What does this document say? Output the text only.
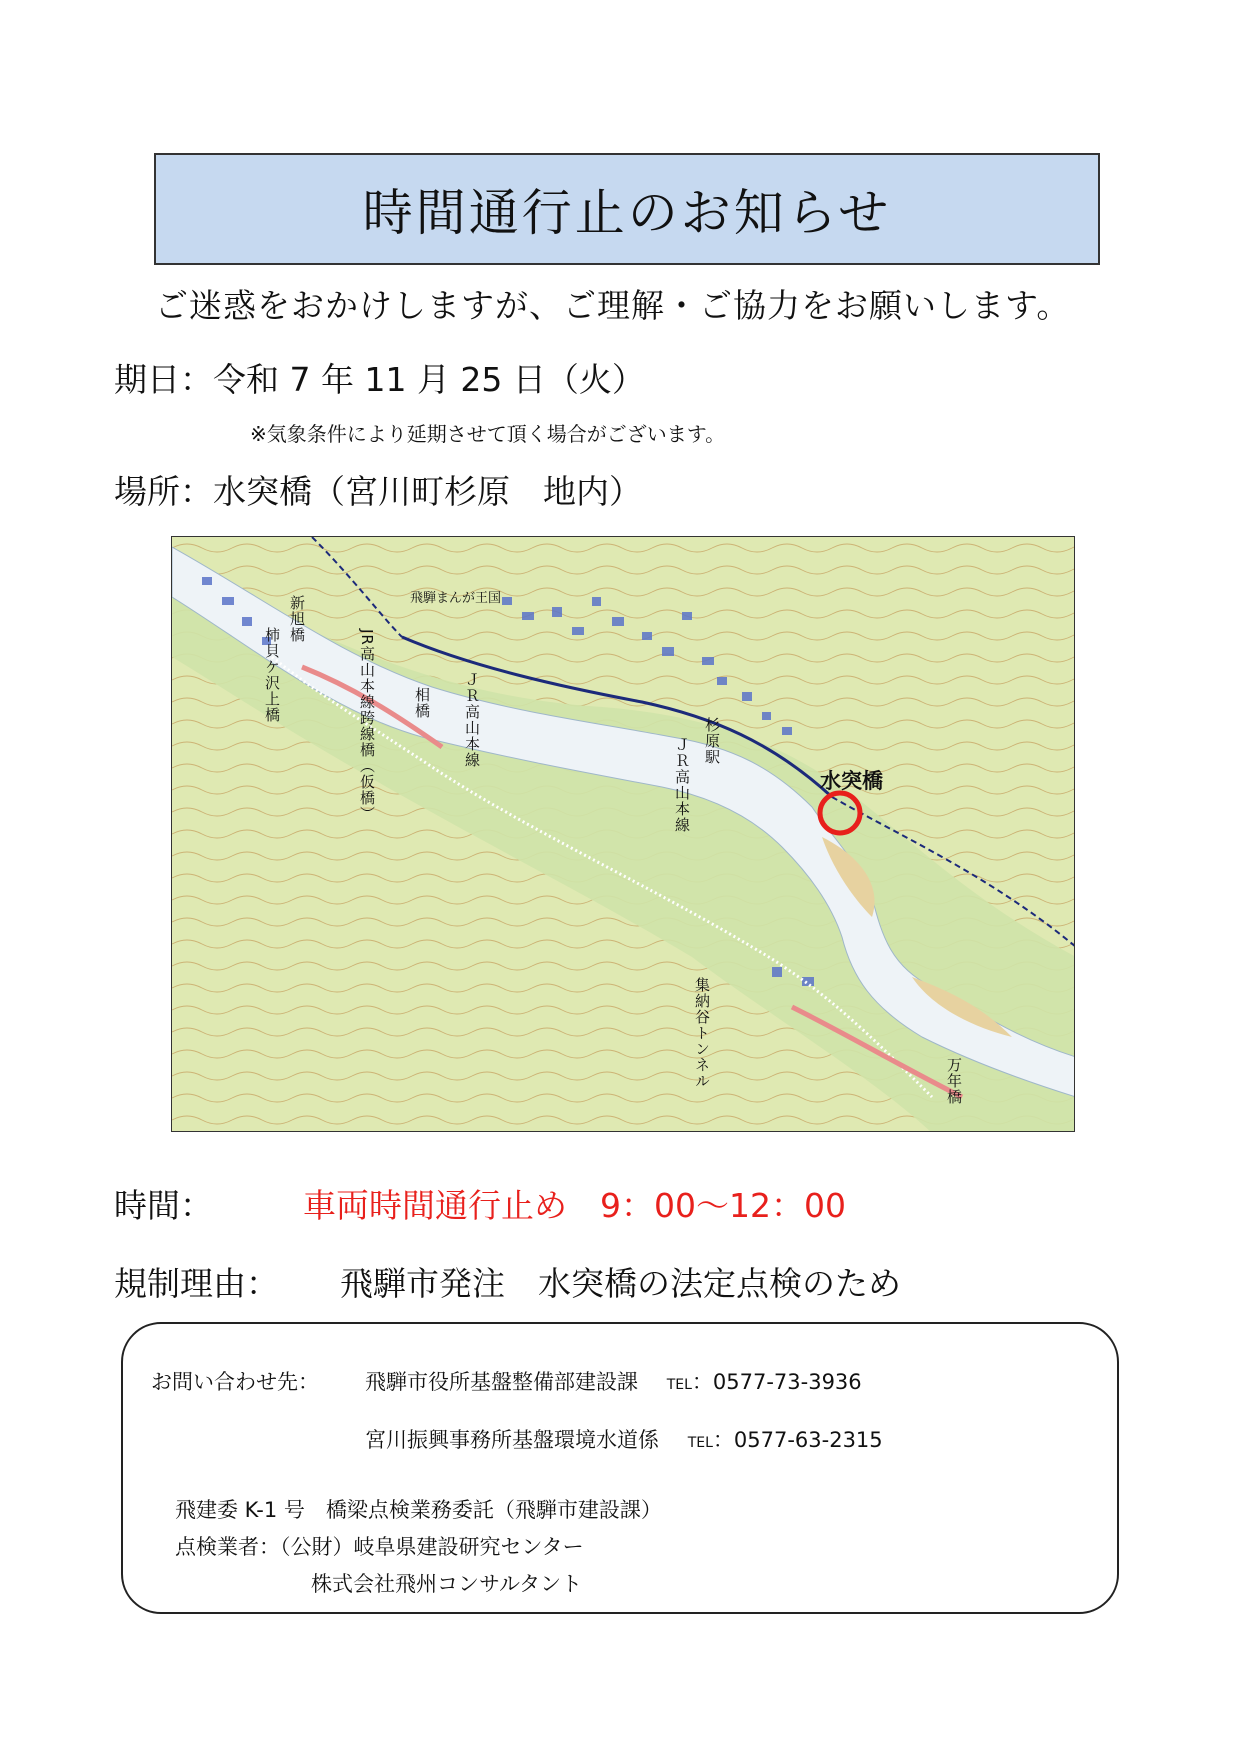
時間通行止のお知らせ
ご迷惑をおかけしますが、ご理解・ご協力をお願いします。
期日：令和 7 年 11 月 25 日（火）
※気象条件により延期させて頂く場合がございます。
場所：水突橋（宮川町杉原　地内）
飛騨まんが王国
新旭橋
柿貝ケ沢上橋	JR高山本線跨線橋（仮橋） 相橋 ＪＲ高山本線	杉原駅
ＪＲ高山本線	水突橋
集納谷トンネル	万年橋
時間：	車両時間通行止め　9：00～12：00
規制理由： 飛騨市発注　水突橋の法定点検のため
お問い合わせ先： 飛騨市役所基盤整備部建設課 TEL：0577-73-3936
宮川振興事務所基盤環境水道係 TEL：0577-63-2315
飛建委 K-1 号　橋梁点検業務委託（飛騨市建設課）
点検業者：（公財）岐阜県建設研究センター
株式会社飛州コンサルタント
